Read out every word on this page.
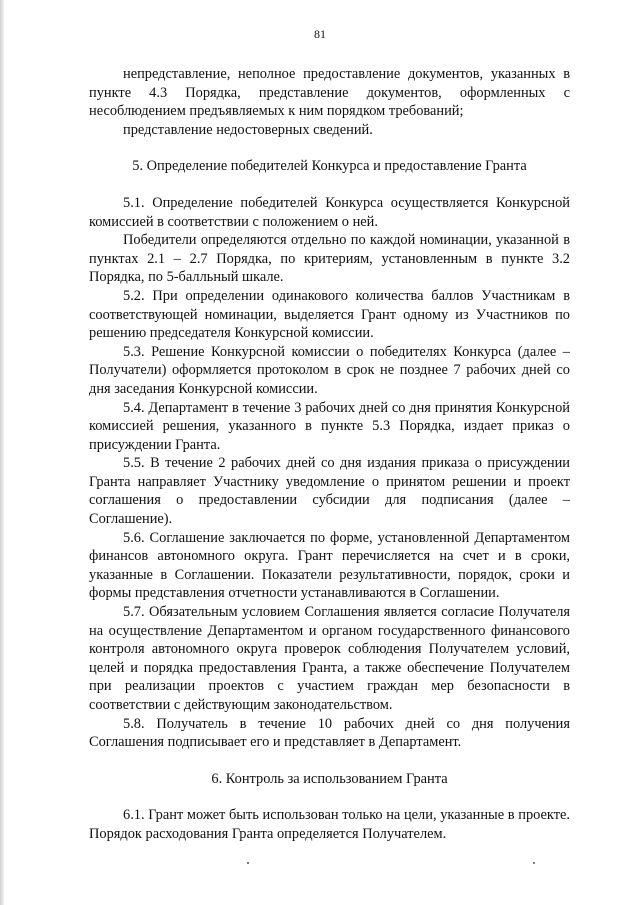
81

непредставление, неполное предоставление документов, указанных в пункте 4.3 Порядка, представление документов, оформленных с несоблюдением предъявляемых к ним порядком требований;

представление недостоверных сведений.

5. Определение победителей Конкурса и предоставление Гранта

5.1. Определение победителей Конкурса осуществляется Конкурсной комиссией в соответствии с положением о ней.

Победители определяются отдельно по каждой номинации, указанной в пунктах 2.1 – 2.7 Порядка, по критериям, установленным в пункте 3.2 Порядка, по 5-балльный шкале.

5.2. При определении одинакового количества баллов Участникам в соответствующей номинации, выделяется Грант одному из Участников по решению председателя Конкурсной комиссии.

5.3. Решение Конкурсной комиссии о победителях Конкурса (далее – Получатели) оформляется протоколом в срок не позднее 7 рабочих дней со дня заседания Конкурсной комиссии.

5.4. Департамент в течение 3 рабочих дней со дня принятия Конкурсной комиссией решения, указанного в пункте 5.3 Порядка, издает приказ о присуждении Гранта.

5.5. В течение 2 рабочих дней со дня издания приказа о присуждении Гранта направляет Участнику уведомление о принятом решении и проект соглашения о предоставлении субсидии для подписания (далее – Соглашение).

5.6. Соглашение заключается по форме, установленной Департаментом финансов автономного округа. Грант перечисляется на счет и в сроки, указанные в Соглашении. Показатели результативности, порядок, сроки и формы представления отчетности устанавливаются в Соглашении.

5.7. Обязательным условием Соглашения является согласие Получателя на осуществление Департаментом и органом государственного финансового контроля автономного округа проверок соблюдения Получателем условий, целей и порядка предоставления Гранта, а также обеспечение Получателем при реализации проектов с участием граждан мер безопасности в соответствии с действующим законодательством.

5.8. Получатель в течение 10 рабочих дней со дня получения Соглашения подписывает его и представляет в Департамент.

6. Контроль за использованием Гранта

6.1. Грант может быть использован только на цели, указанные в проекте. Порядок расходования Гранта определяется Получателем.
